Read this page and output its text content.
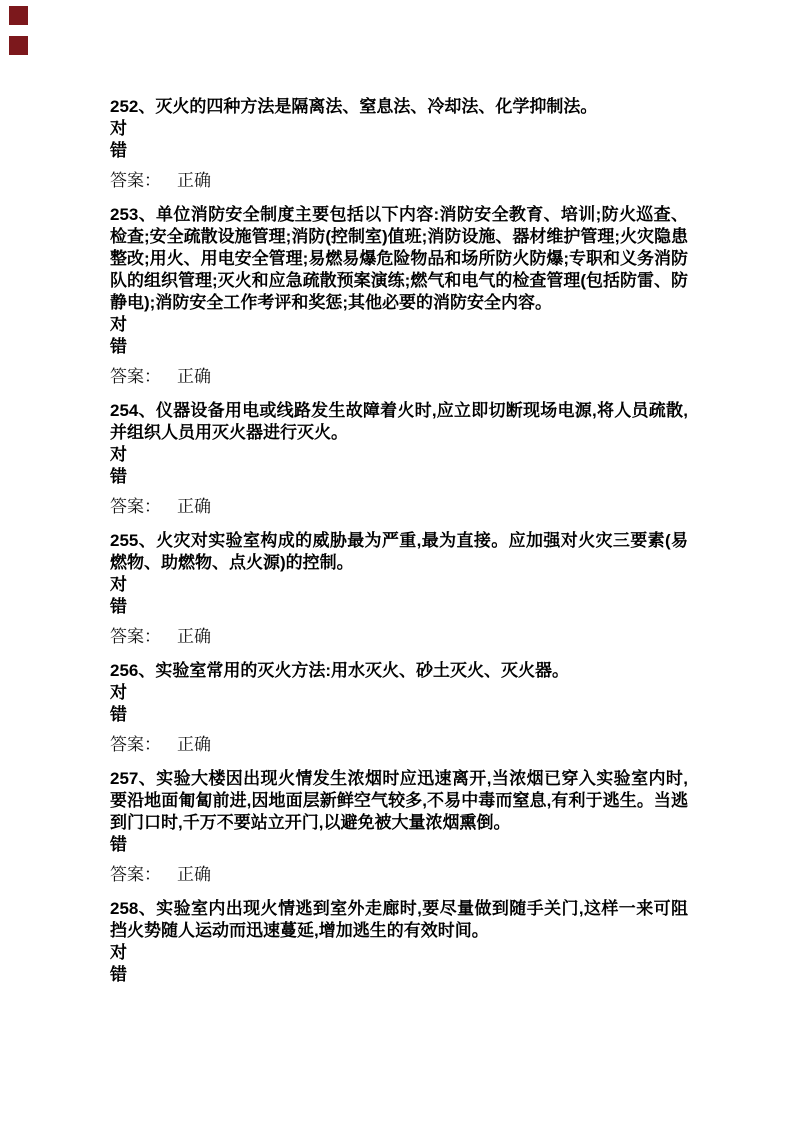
252、灭火的四种方法是隔离法、窒息法、冷却法、化学抑制法。

对

错

答案： 正确

253、单位消防安全制度主要包括以下内容:消防安全教育、培训;防火巡查、检查;安全疏散设施管理;消防(控制室)值班;消防设施、器材维护管理;火灾隐患整改;用火、用电安全管理;易燃易爆危险物品和场所防火防爆;专职和义务消防队的组织管理;灭火和应急疏散预案演练;燃气和电气的检查管理(包括防雷、防静电);消防安全工作考评和奖惩;其他必要的消防安全内容。

对

错

答案： 正确

254、仪器设备用电或线路发生故障着火时,应立即切断现场电源,将人员疏散,并组织人员用灭火器进行灭火。

对

错

答案： 正确

255、火灾对实验室构成的威胁最为严重,最为直接。应加强对火灾三要素(易燃物、助燃物、点火源)的控制。

对

错

答案： 正确

256、实验室常用的灭火方法:用水灭火、砂土灭火、灭火器。

对

错

答案： 正确

257、实验大楼因出现火情发生浓烟时应迅速离开,当浓烟已穿入实验室内时,要沿地面匍匐前进,因地面层新鲜空气较多,不易中毒而窒息,有利于逃生。当逃到门口时,千万不要站立开门,以避免被大量浓烟熏倒。

错

答案： 正确

258、实验室内出现火情逃到室外走廊时,要尽量做到随手关门,这样一来可阻挡火势随人运动而迅速蔓延,增加逃生的有效时间。

对

错
